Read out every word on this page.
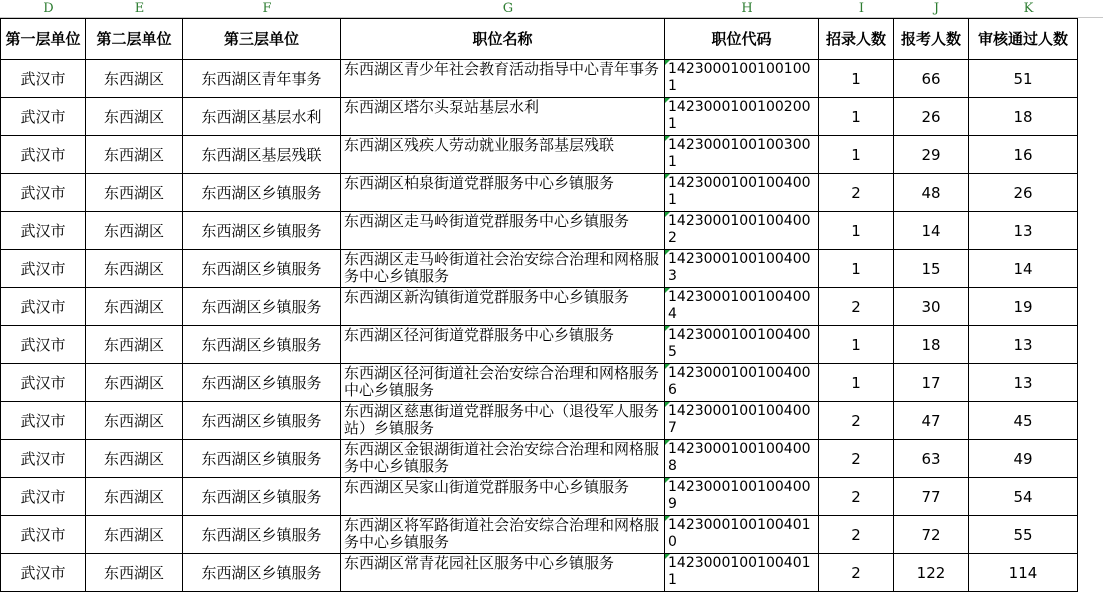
D	E	F	G	H	I	J	K
第一层单位	第二层单位	第三层单位	职位名称	职位代码	招录人数	报考人数	审核通过人数

武汉市	东西湖区	东西湖区青年事务	东西湖区青少年社会教育活动指导中心青年事务	14230001001001001	1	66	51

武汉市	东西湖区	东西湖区基层水利	东西湖区塔尔头泵站基层水利	14230001001002001	1	26	18

武汉市	东西湖区	东西湖区基层残联	东西湖区残疾人劳动就业服务部基层残联	14230001001003001	1	29	16

武汉市	东西湖区	东西湖区乡镇服务	东西湖区柏泉街道党群服务中心乡镇服务	14230001001004001	2	48	26

武汉市	东西湖区	东西湖区乡镇服务	东西湖区走马岭街道党群服务中心乡镇服务	14230001001004002	1	14	13

武汉市	东西湖区	东西湖区乡镇服务	东西湖区走马岭街道社会治安综合治理和网格服务中心乡镇服务	14230001001004003	1	15	14

武汉市	东西湖区	东西湖区乡镇服务	东西湖区新沟镇街道党群服务中心乡镇服务	14230001001004004	2	30	19

武汉市	东西湖区	东西湖区乡镇服务	东西湖区径河街道党群服务中心乡镇服务	14230001001004005	1	18	13

武汉市	东西湖区	东西湖区乡镇服务	东西湖区径河街道社会治安综合治理和网格服务中心乡镇服务	14230001001004006	1	17	13

武汉市	东西湖区	东西湖区乡镇服务	东西湖区慈惠街道党群服务中心（退役军人服务站）乡镇服务	14230001001004007	2	47	45

武汉市	东西湖区	东西湖区乡镇服务	东西湖区金银湖街道社会治安综合治理和网格服务中心乡镇服务	14230001001004008	2	63	49

武汉市	东西湖区	东西湖区乡镇服务	东西湖区吴家山街道党群服务中心乡镇服务	14230001001004009	2	77	54

武汉市	东西湖区	东西湖区乡镇服务	东西湖区将军路街道社会治安综合治理和网格服务中心乡镇服务	14230001001004010	2	72	55

武汉市	东西湖区	东西湖区乡镇服务	东西湖区常青花园社区服务中心乡镇服务	14230001001004011	2	122	114
